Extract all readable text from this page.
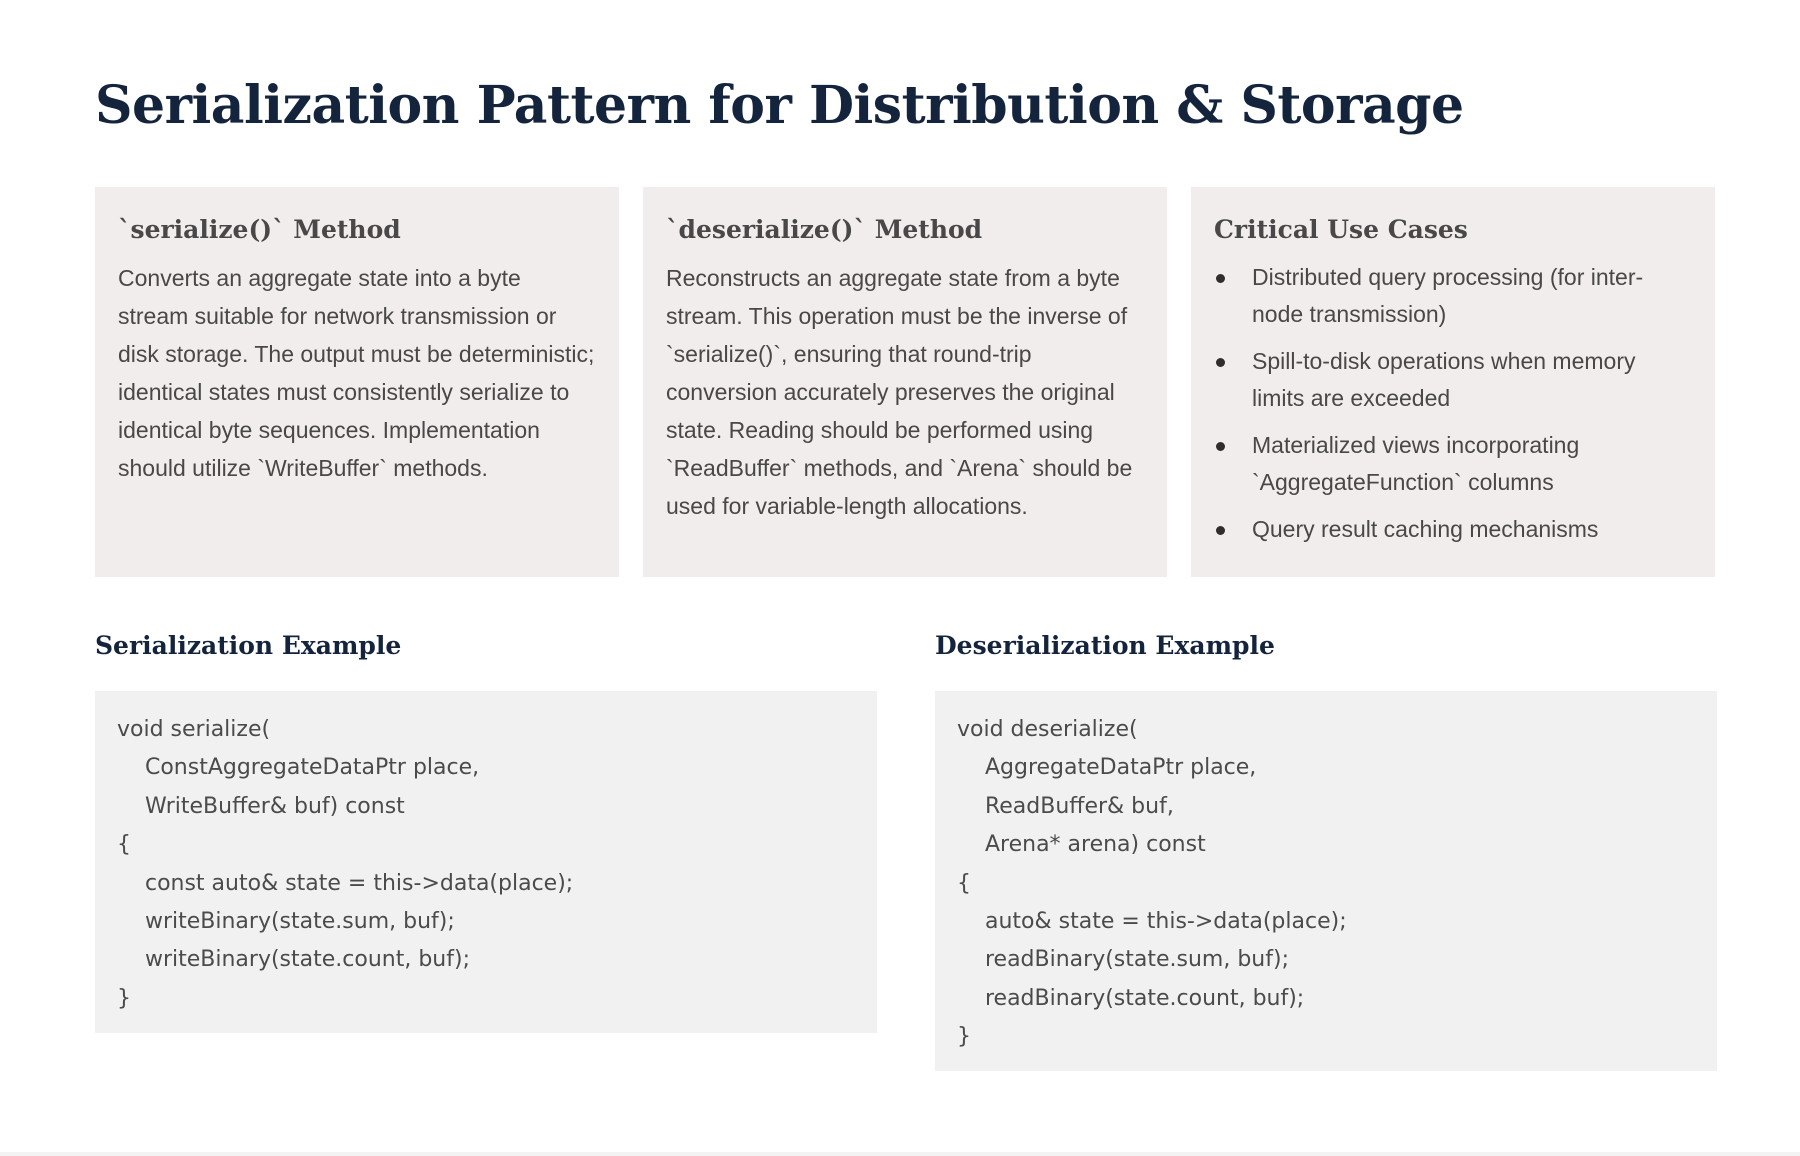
Serialization Pattern for Distribution & Storage
`serialize()` Method

Converts an aggregate state into a byte stream suitable for network transmission or disk storage. The output must be deterministic; identical states must consistently serialize to identical byte sequences. Implementation should utilize `WriteBuffer` methods.

`deserialize()` Method

Reconstructs an aggregate state from a byte stream. This operation must be the inverse of `serialize()`, ensuring that round-trip conversion accurately preserves the original state. Reading should be performed using `ReadBuffer` methods, and `Arena` should be used for variable-length allocations.

Critical Use Cases
Distributed query processing (for inter-node transmission)
Spill-to-disk operations when memory limits are exceeded
Materialized views incorporating `AggregateFunction` columns
Query result caching mechanisms
Serialization Example
void serialize(
ConstAggregateDataPtr place,
WriteBuffer& buf) const
{
const auto& state = this->data(place);
writeBinary(state.sum, buf);
writeBinary(state.count, buf);
}
Deserialization Example
void deserialize(
AggregateDataPtr place,
ReadBuffer& buf,
Arena* arena) const
{
auto& state = this->data(place);
readBinary(state.sum, buf);
readBinary(state.count, buf);
}
